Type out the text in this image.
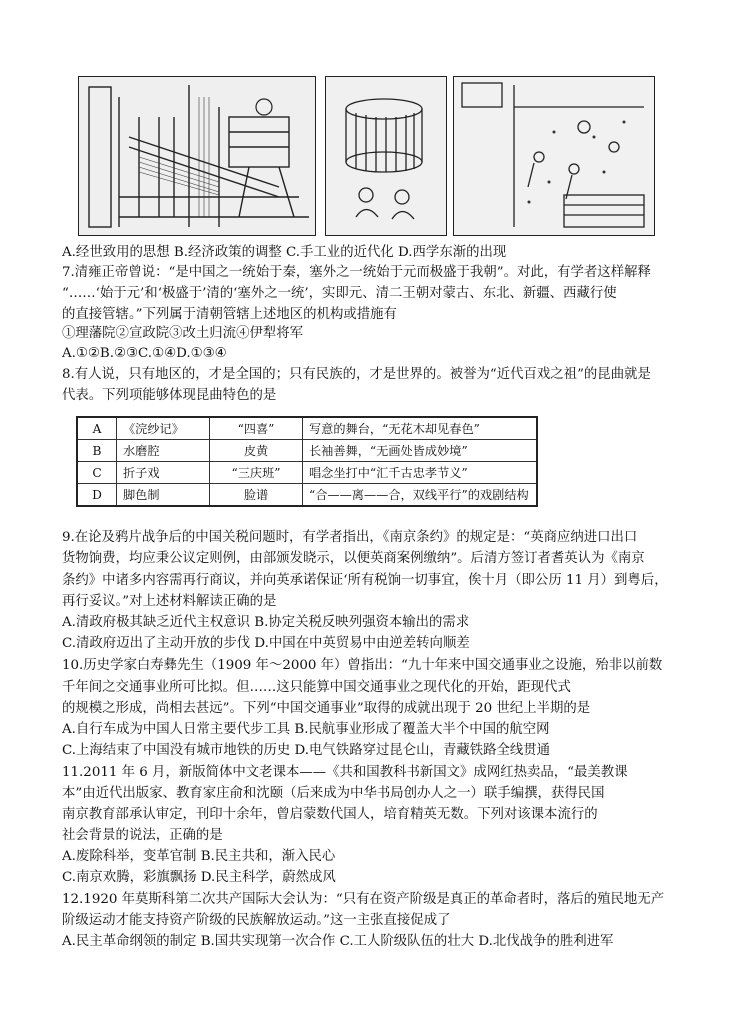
A.经世致用的思想 B.经济政策的调整 C.手工业的近代化 D.西学东渐的出现
7.清雍正帝曾说：“是中国之一统始于秦，塞外之一统始于元而极盛于我朝”。对此，有学者这样解释
“……‘始于元’和‘极盛于’清的‘塞外之一统’，实即元、清二王朝对蒙古、东北、新疆、西藏行使
的直接管辖。”下列属于清朝管辖上述地区的机构或措施有
①理藩院②宣政院③改土归流④伊犁将军
A.①②B.②③C.①④D.①③④
8.有人说，只有地区的，才是全国的；只有民族的，才是世界的。被誉为“近代百戏之祖”的昆曲就是
代表。下列项能够体现昆曲特色的是
A	《浣纱记》	“四喜”	写意的舞台，“无花木却见春色”
B	水磨腔	皮黄	长袖善舞，“无画处皆成妙境”
C	折子戏	“三庆班”	唱念坐打中“汇千古忠孝节义”
D	脚色制	脸谱	“合——离——合，双线平行”的戏剧结构
9.在论及鸦片战争后的中国关税问题时，有学者指出，《南京条约》的规定是：“英商应纳进口出口
货物饷费，均应秉公议定则例，由部颁发晓示，以便英商案例缴纳”。后清方签订者耆英认为《南京
条约》中诸多内容需再行商议，并向英承诺保证‘所有税饷一切事宜，俟十月（即公历 11 月）到粤后，
再行妥议。”对上述材料解读正确的是
A.清政府极其缺乏近代主权意识 B.协定关税反映列强资本输出的需求
C.清政府迈出了主动开放的步伐 D.中国在中英贸易中由逆差转向顺差
10.历史学家白寿彝先生（1909 年～2000 年）曾指出：“九十年来中国交通事业之设施，殆非以前数
千年间之交通事业所可比拟。但……这只能算中国交通事业之现代化的开始，距现代式
的规模之形成，尚相去甚远”。下列“中国交通事业”取得的成就出现于 20 世纪上半期的是
A.自行车成为中国人日常主要代步工具 B.民航事业形成了覆盖大半个中国的航空网
C.上海结束了中国没有城市地铁的历史 D.电气铁路穿过昆仑山，青藏铁路全线贯通
11.2011 年 6 月，新版简体中文老课本——《共和国教科书新国文》成网红热卖品，“最美教课
本”由近代出版家、教育家庄俞和沈颐（后来成为中华书局创办人之一）联手编撰，获得民国
南京教育部承认审定，刊印十余年，曾启蒙数代国人，培育精英无数。下列对该课本流行的
社会背景的说法，正确的是
A.废除科举，变革官制 B.民主共和，渐入民心
C.南京欢腾，彩旗飘扬 D.民主科学，蔚然成风
12.1920 年莫斯科第二次共产国际大会认为：“只有在资产阶级是真正的革命者时，落后的殖民地无产
阶级运动才能支持资产阶级的民族解放运动。”这一主张直接促成了
A.民主革命纲领的制定 B.国共实现第一次合作 C.工人阶级队伍的壮大 D.北伐战争的胜利进军
